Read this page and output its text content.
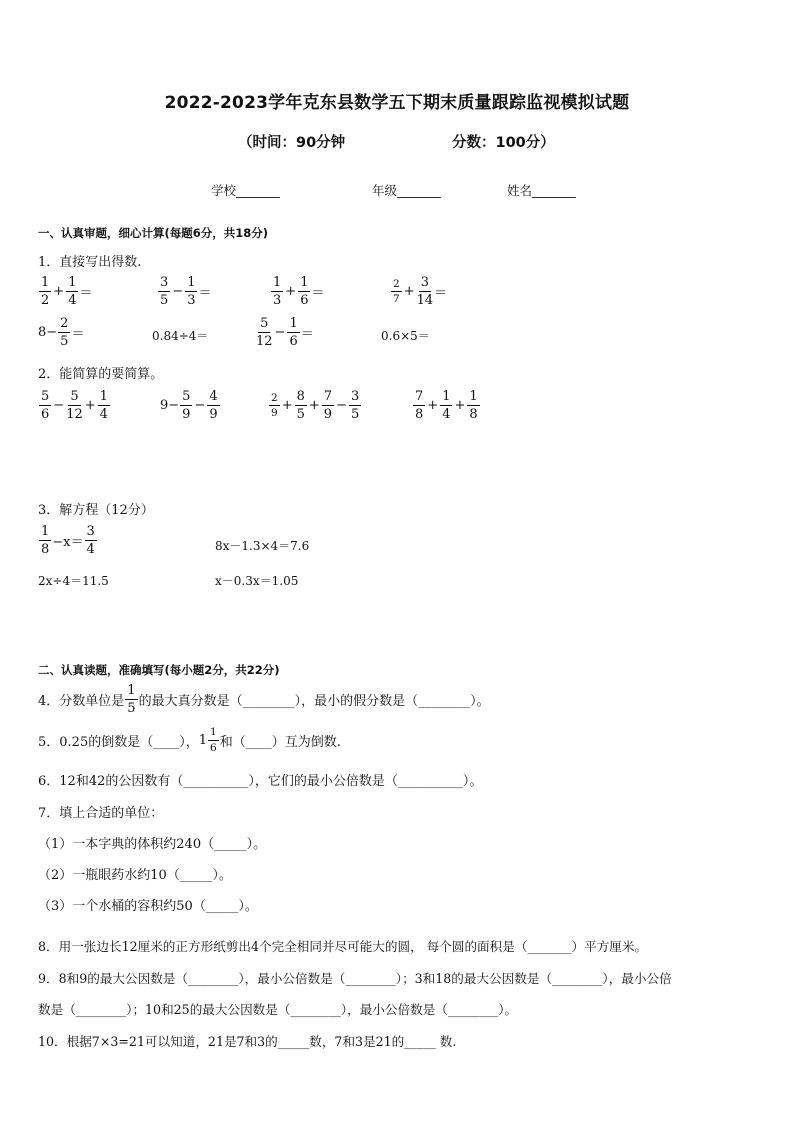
2022-2023学年克东县数学五下期末质量跟踪监视模拟试题
（时间：90分钟	分数：100分）
学校_______	年级_______	姓名_______
一、认真审题，细心计算(每题6分，共18分)
1．直接写出得数.
$\frac{1}{2} + \frac{1}{4}$ ＝	$\frac{3}{5} - \frac{1}{3}$ ＝	$\frac{1}{3} + \frac{1}{6}$ ＝	$\frac{2}{7} + \frac{3}{14}$ ＝
$8- \frac{2}{5}$ ＝	0.84÷4＝	$\frac{5}{12} - \frac{1}{6}$ ＝	0.6×5＝
2．能简算的要简算。
$\frac{5}{6} - \frac{5}{12} + \frac{1}{4}$	$9- \frac{5}{9} - \frac{4}{9}$	$\frac{2}{9} + \frac{8}{5} + \frac{7}{9} - \frac{3}{5}$	$\frac{7}{8} + \frac{1}{4} + \frac{1}{8}$
3．解方程（12分）
$\frac{1}{8} -x= \frac{3}{4}$	8x－1.3×4＝7.6
2x÷4＝11.5	x－0.3x＝1.05
二、认真读题，准确填写(每小题2分，共22分)
4．分数单位是 $\frac{1}{5}$ 的最大真分数是（________），最小的假分数是（________）。
5．0.25的倒数是（____）， $1 \frac{1}{6}$ 和（____）互为倒数.
6．12和42的公因数有（__________），它们的最小公倍数是（__________）。
7．填上合适的单位：
（1）一本字典的体积约240（_____）。
（2）一瓶眼药水约10（_____）。
（3）一个水桶的容积约50（_____）。
8．用一张边长12厘米的正方形纸剪出4个完全相同并尽可能大的圆， 每个圆的面积是（_______）平方厘米。
9．8和9的最大公因数是（________），最小公倍数是（________）；3和18的最大公因数是（________），最小公倍
数是（________）；10和25的最大公因数是（________），最小公倍数是（________）。
10．根据7×3=21可以知道，21是7和3的_____数，7和3是21的_____ 数.
